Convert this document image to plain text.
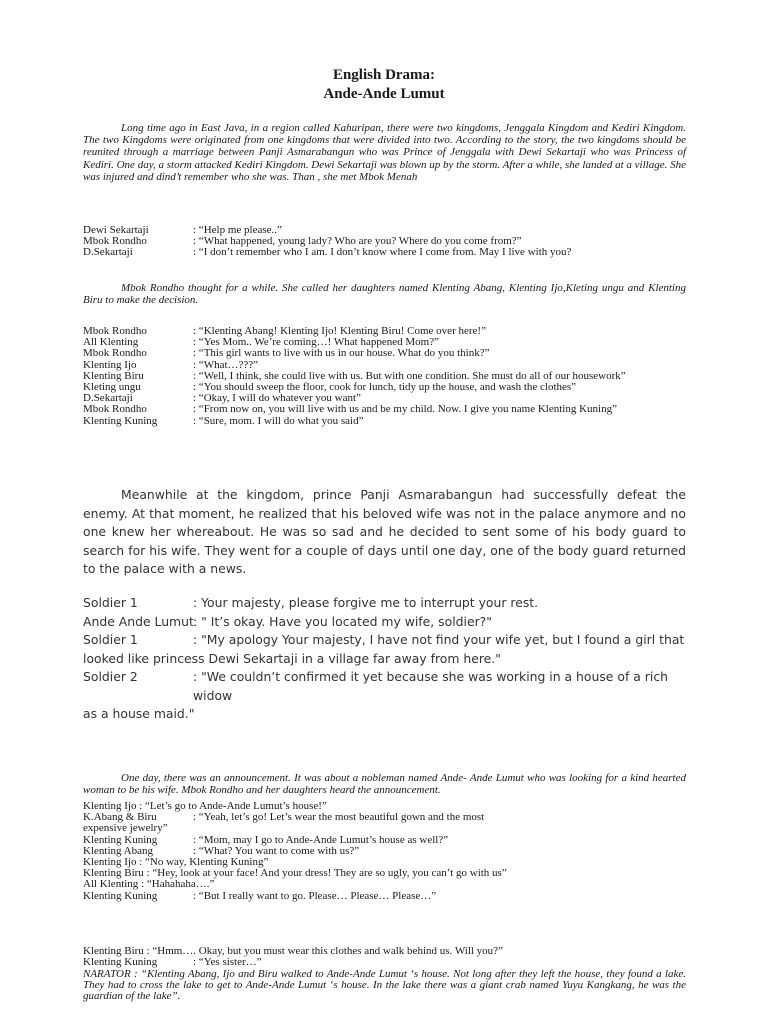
English Drama:
Ande-Ande Lumut

Long time ago in East Java, in a region called Kahuripan, there were two kingdoms, Jenggala Kingdom and Kediri Kingdom. The two Kingdoms were originated from one kingdoms that were divided into two. According to the story, the two kingdoms should be reunited through a marriage between Panji Asmarabangun who was Prince of Jenggala with Dewi Sekartaji who was Princess of Kediri. One day, a storm attacked Kediri Kingdom. Dewi Sekartaji was blown up by the storm. After a while, she landed at a village. She was injured and dind’t remember who she was. Than , she met Mbok Menah

Dewi Sekartaji	: “Help me please..”
Mbok Rondho	: “What happened, young lady? Who are you? Where do you come from?”
D.Sekartaji	: “I don’t remember who I am. I don’t know where I come from. May I live with you?

Mbok Rondho thought for a while. She called her daughters named Klenting Abang, Klenting Ijo,Kleting ungu and Klenting Biru to make the decision.

Mbok Rondho	: “Klenting Abang! Klenting Ijo! Klenting Biru! Come over here!”
All Klenting	: “Yes Mom.. We’re coming…! What happened Mom?”
Mbok Rondho	: “This girl wants to live with us in our house. What do you think?”
Klenting Ijo	: “What…???”
Klenting Biru	: “Well, I think, she could live with us. But with one condition. She must do all of our housework”
Kleting ungu	: “You should sweep the floor, cook for lunch, tidy up the house, and wash the clothes”
D.Sekartaji	: “Okay, I will do whatever you want”
Mbok Rondho	: “From now on, you will live with us and be my child. Now. I give you name Klenting Kuning”
Klenting Kuning	: “Sure, mom. I will do what you said”

Meanwhile at the kingdom, prince Panji Asmarabangun had successfully defeat the enemy. At that moment, he realized that his beloved wife was not in the palace anymore and no one knew her whereabout. He was so sad and he decided to sent some of his body guard to search for his wife. They went for a couple of days until one day, one of the body guard returned to the palace with a news.

Soldier 1	: Your majesty, please forgive me to interrupt your rest.
Ande Ande Lumut : " It’s okay. Have you located my wife, soldier?"
Soldier 1	: "My apology Your majesty, I have not find your wife yet, but I found a girl that
looked like princess Dewi Sekartaji in a village far away from here."
Soldier 2	: "We couldn’t confirmed it yet because she was working in a house of a rich widow
as a house maid."

One day, there was an announcement. It was about a nobleman named Ande- Ande Lumut who was looking for a kind hearted woman to be his wife. Mbok Rondho and her daughters heard the announcement.

Klenting Ijo : “Let’s go to Ande-Ande Lumut’s house!”
K.Abang & Biru	: “Yeah, let’s go! Let’s wear the most beautiful gown and the most
expensive jewelry”
Klenting Kuning	: “Mom, may I go to Ande-Ande Lumut’s house as well?”
Klenting Abang	: “What? You want to come with us?”
Klenting Ijo : “No way, Klenting Kuning”
Klenting Biru : “Hey, look at your face! And your dress! They are so ugly, you can’t go with us”
All Klenting : “Hahahaha….”
Klenting Kuning	: “But I really want to go. Please… Please… Please…”
Klenting Biru : “Hmm…. Okay, but you must wear this clothes and walk behind us. Will you?”
Klenting Kuning	: “Yes sister…”
NARATOR : “Klenting Abang, Ijo and Biru walked to Ande-Ande Lumut ‘s house. Not long after they left the house, they found a lake. They had to cross the lake to get to Ande-Ande Lumut ‘s house. In the lake there was a giant crab named Yuyu Kangkang, he was the guardian of the lake”.
